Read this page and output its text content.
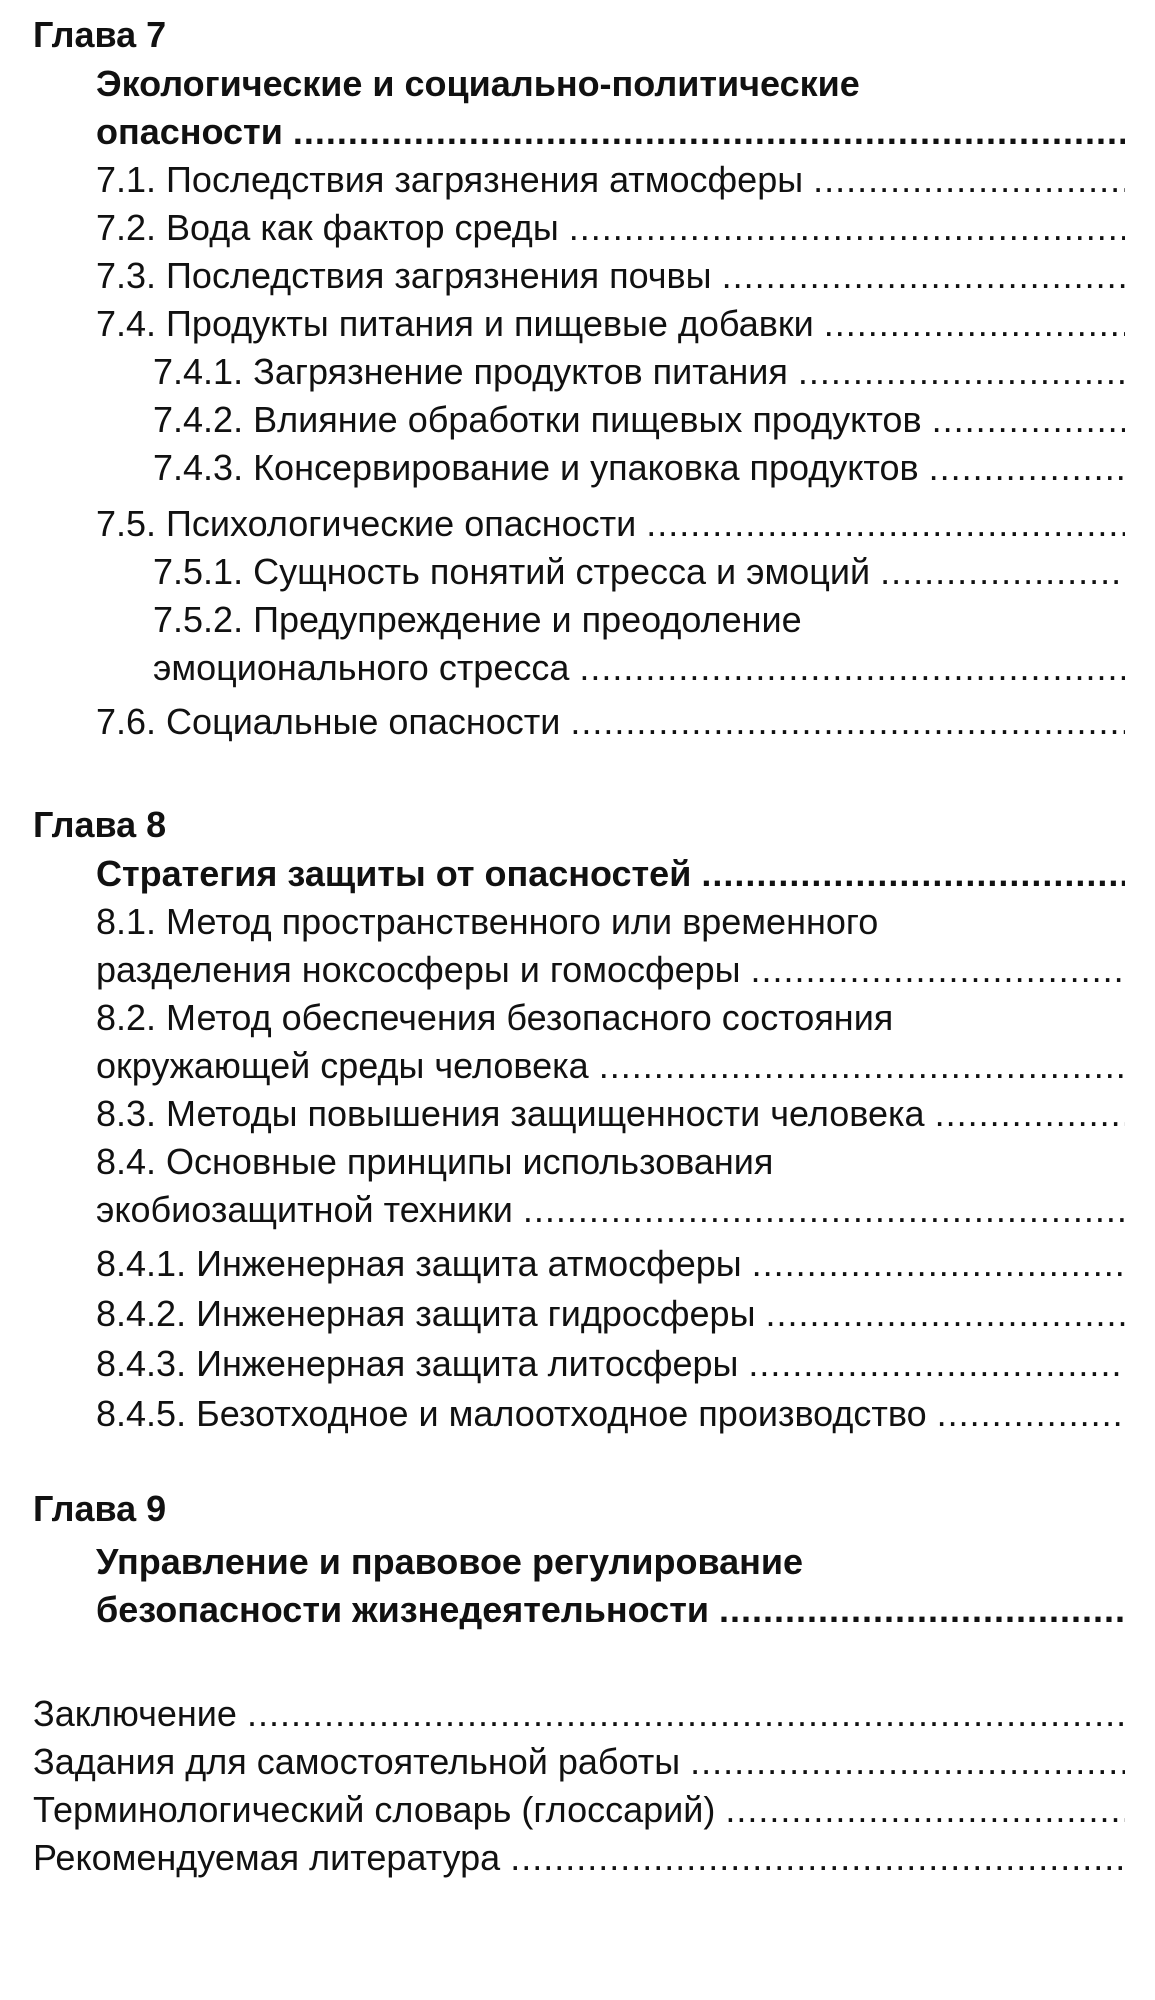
Глава 7
Экологические и социально-политические
опасности
.....
7.1. Последствия загрязнения атмосферы
.....
7.2. Вода как фактор среды
.....
7.3. Последствия загрязнения почвы
.....
7.4. Продукты питания и пищевые добавки
.....
7.4.1. Загрязнение продуктов питания
.....
7.4.2. Влияние обработки пищевых продуктов
.....
7.4.3. Консервирование и упаковка продуктов
.....
7.5. Психологические опасности
.....
7.5.1. Сущность понятий стресса и эмоций
.....
7.5.2. Предупреждение и преодоление
эмоционального стресса
.....
7.6. Социальные опасности
.....
Глава 8
Стратегия защиты от опасностей
.....
8.1. Метод пространственного или временного
разделения ноксосферы и гомосферы
.....
8.2. Метод обеспечения безопасного состояния
окружающей среды человека
.....
8.3. Методы повышения защищенности человека
.....
8.4. Основные принципы использования
экобиозащитной техники
.....
8.4.1. Инженерная защита атмосферы
.....
8.4.2. Инженерная защита гидросферы
.....
8.4.3. Инженерная защита литосферы
.....
8.4.5. Безотходное и малоотходное производство
.....
Глава 9
Управление и правовое регулирование
безопасности жизнедеятельности
.....
Заключение
.....
Задания для самостоятельной работы
.....
Терминологический словарь (глоссарий)
.....
Рекомендуемая литература
.....
